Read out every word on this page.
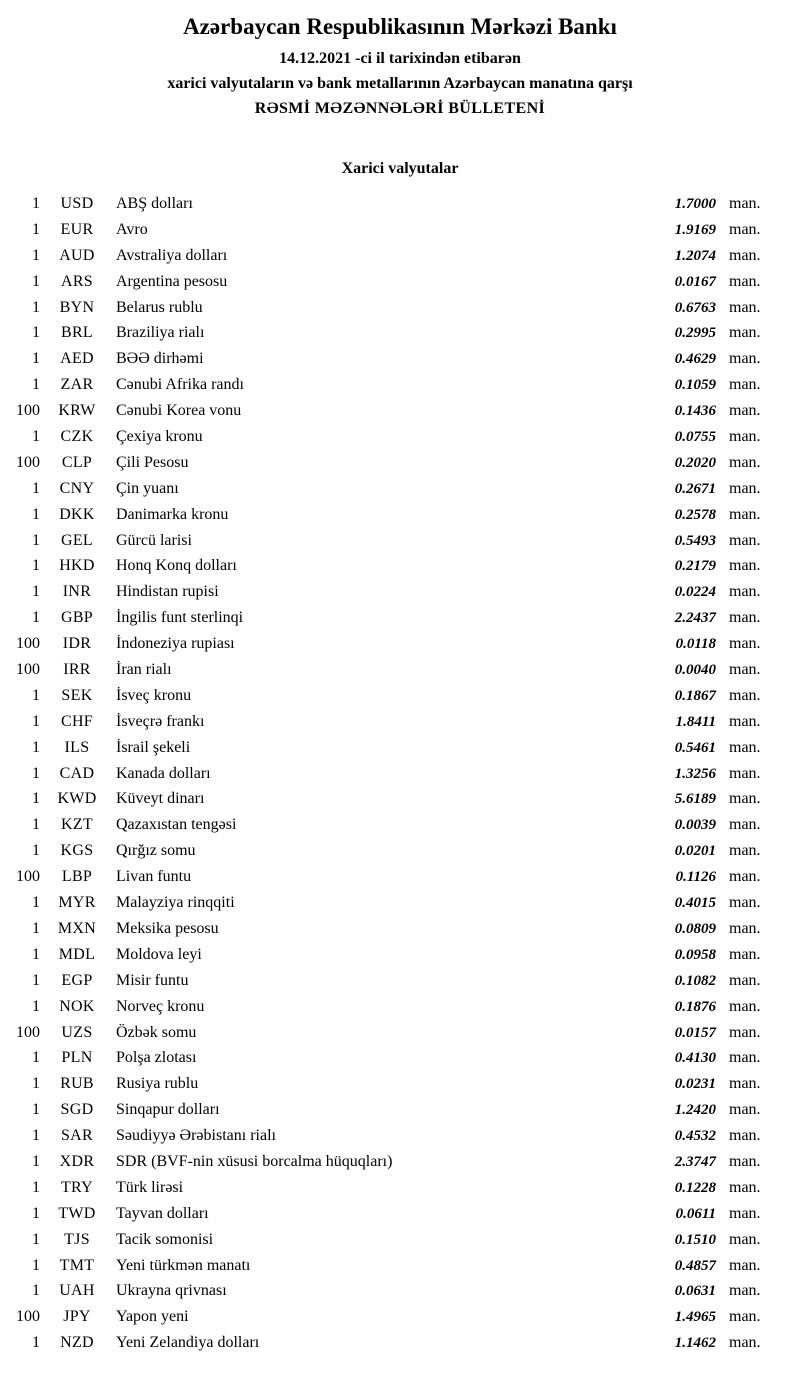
Azərbaycan Respublikasının Mərkəzi Bankı
14.12.2021 -ci il tarixindən etibarən
xarici valyutaların və bank metallarının Azərbaycan manatına qarşı
RƏSMİ MƏZƏNNƏLƏRİ BÜLLETENİ
Xarici valyutalar
1	USD	ABŞ dolları	1.7000 man.
1	EUR	Avro	1.9169 man.
1	AUD	Avstraliya dolları	1.2074 man.
1	ARS	Argentina pesosu	0.0167 man.
1	BYN	Belarus rublu	0.6763 man.
1	BRL	Braziliya rialı	0.2995 man.
1	AED	BƏƏ dirhəmi	0.4629 man.
1	ZAR	Cənubi Afrika randı	0.1059 man.
100	KRW	Cənubi Korea vonu	0.1436 man.
1	CZK	Çexiya kronu	0.0755 man.
100	CLP	Çili Pesosu	0.2020 man.
1	CNY	Çin yuanı	0.2671 man.
1	DKK	Danimarka kronu	0.2578 man.
1	GEL	Gürcü larisi	0.5493 man.
1	HKD	Honq Konq dolları	0.2179 man.
1	INR	Hindistan rupisi	0.0224 man.
1	GBP	İngilis funt sterlinqi	2.2437 man.
100	IDR	İndoneziya rupiası	0.0118 man.
100	IRR	İran rialı	0.0040 man.
1	SEK	İsveç kronu	0.1867 man.
1	CHF	İsveçrə frankı	1.8411 man.
1	ILS	İsrail şekeli	0.5461 man.
1	CAD	Kanada dolları	1.3256 man.
1	KWD	Küveyt dinarı	5.6189 man.
1	KZT	Qazaxıstan tengəsi	0.0039 man.
1	KGS	Qırğız somu	0.0201 man.
100	LBP	Livan funtu	0.1126 man.
1	MYR	Malayziya rinqqiti	0.4015 man.
1	MXN	Meksika pesosu	0.0809 man.
1	MDL	Moldova leyi	0.0958 man.
1	EGP	Misir funtu	0.1082 man.
1	NOK	Norveç kronu	0.1876 man.
100	UZS	Özbək somu	0.0157 man.
1	PLN	Polşa zlotası	0.4130 man.
1	RUB	Rusiya rublu	0.0231 man.
1	SGD	Sinqapur dolları	1.2420 man.
1	SAR	Səudiyyə Ərəbistanı rialı	0.4532 man.
1	XDR	SDR (BVF-nin xüsusi borcalma hüquqları)	2.3747 man.
1	TRY	Türk lirəsi	0.1228 man.
1	TWD	Tayvan dolları	0.0611 man.
1	TJS	Tacik somonisi	0.1510 man.
1	TMT	Yeni türkmən manatı	0.4857 man.
1	UAH	Ukrayna qrivnası	0.0631 man.
100	JPY	Yapon yeni	1.4965 man.
1	NZD	Yeni Zelandiya dolları	1.1462 man.
